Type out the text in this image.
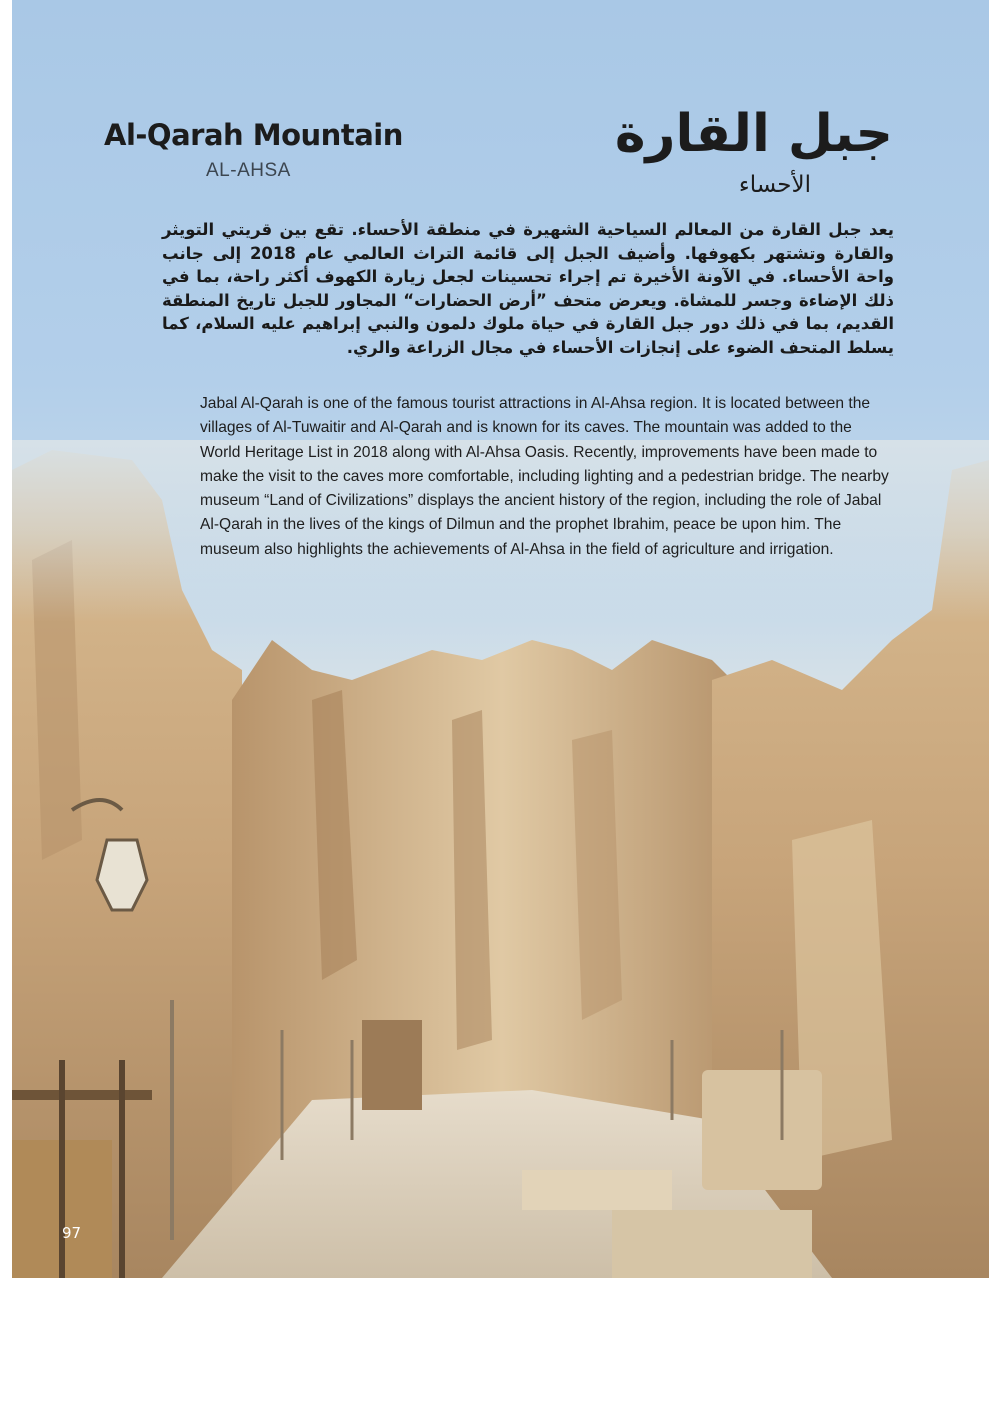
Al-Qarah Mountain
AL-AHSA
جبل القارة
الأحساء
يعد جبل القارة من المعالم السياحية الشهيرة في منطقة الأحساء. تقع بين قريتي التويثر والقارة وتشتهر بكهوفها. وأضيف الجبل إلى قائمة التراث العالمي عام 2018 إلى جانب واحة الأحساء. في الآونة الأخيرة تم إجراء تحسينات لجعل زيارة الكهوف أكثر راحة، بما في ذلك الإضاءة وجسر للمشاة. ويعرض متحف ”أرض الحضارات“ المجاور للجبل تاريخ المنطقة القديم، بما في ذلك دور جبل القارة في حياة ملوك دلمون والنبي إبراهيم عليه السلام، كما يسلط المتحف الضوء على إنجازات الأحساء في مجال الزراعة والري.
Jabal Al-Qarah is one of the famous tourist attractions in Al-Ahsa region. It is located between the villages of Al-Tuwaitir and Al-Qarah and is known for its caves. The mountain was added to the World Heritage List in 2018 along with Al-Ahsa Oasis. Recently, improvements have been made to make the visit to the caves more comfortable, including lighting and a pedestrian bridge. The nearby museum “Land of Civilizations” displays the ancient history of the region, including the role of Jabal Al-Qarah in the lives of the kings of Dilmun and the prophet Ibrahim, peace be upon him. The museum also highlights the achievements of Al-Ahsa in the field of agriculture and irrigation.
97
